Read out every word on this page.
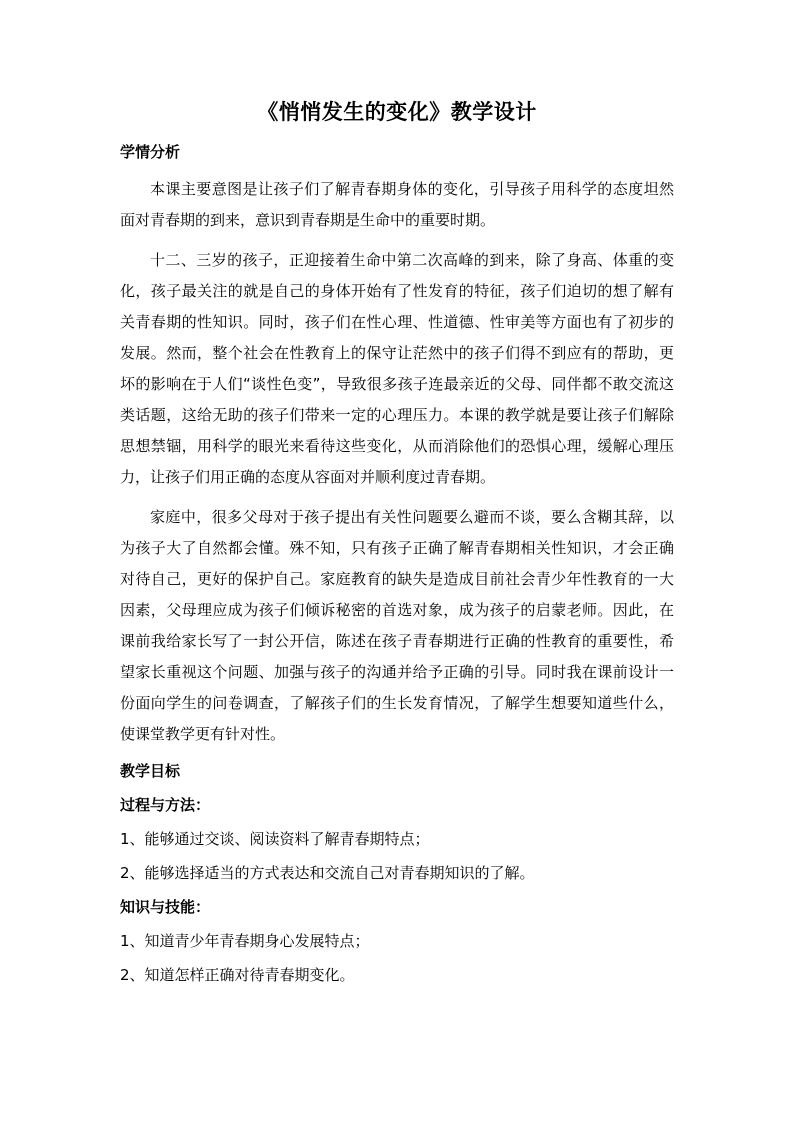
《悄悄发生的变化》教学设计
学情分析

本课主要意图是让孩子们了解青春期身体的变化，引导孩子用科学的态度坦然面对青春期的到来，意识到青春期是生命中的重要时期。

十二、三岁的孩子，正迎接着生命中第二次高峰的到来，除了身高、体重的变化，孩子最关注的就是自己的身体开始有了性发育的特征，孩子们迫切的想了解有关青春期的性知识。同时，孩子们在性心理、性道德、性审美等方面也有了初步的发展。然而，整个社会在性教育上的保守让茫然中的孩子们得不到应有的帮助，更坏的影响在于人们“谈性色变”，导致很多孩子连最亲近的父母、同伴都不敢交流这类话题，这给无助的孩子们带来一定的心理压力。本课的教学就是要让孩子们解除思想禁锢，用科学的眼光来看待这些变化，从而消除他们的恐惧心理，缓解心理压力，让孩子们用正确的态度从容面对并顺利度过青春期。

家庭中，很多父母对于孩子提出有关性问题要么避而不谈，要么含糊其辞，以为孩子大了自然都会懂。殊不知，只有孩子正确了解青春期相关性知识，才会正确对待自己，更好的保护自己。家庭教育的缺失是造成目前社会青少年性教育的一大因素，父母理应成为孩子们倾诉秘密的首选对象，成为孩子的启蒙老师。因此，在课前我给家长写了一封公开信，陈述在孩子青春期进行正确的性教育的重要性，希望家长重视这个问题、加强与孩子的沟通并给予正确的引导。同时我在课前设计一份面向学生的问卷调查，了解孩子们的生长发育情况，了解学生想要知道些什么，使课堂教学更有针对性。

教学目标
过程与方法：
1、能够通过交谈、阅读资料了解青春期特点；
2、能够选择适当的方式表达和交流自己对青春期知识的了解。
知识与技能：
1、知道青少年青春期身心发展特点；
2、知道怎样正确对待青春期变化。
